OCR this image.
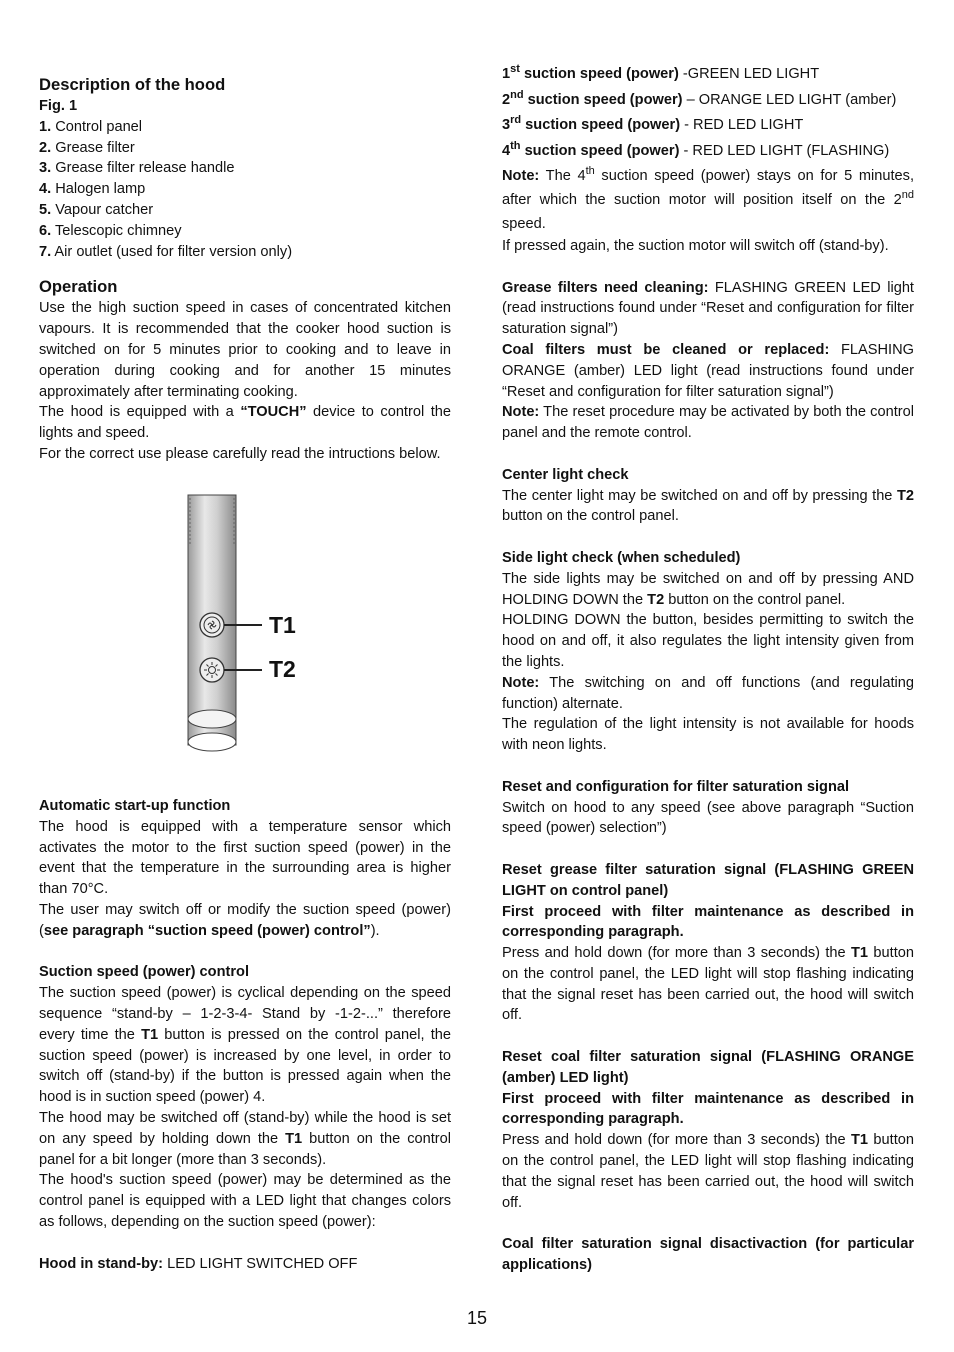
Description of the hood

Fig. 1

1. Control panel

2. Grease filter

3. Grease filter release handle

4. Halogen lamp

5. Vapour catcher

6. Telescopic chimney

7. Air outlet (used for filter version only)

Operation

Use the high suction speed in cases of concentrated kitchen vapours. It is recommended that the cooker hood suction is switched on for 5 minutes prior to cooking and to leave in operation during cooking and for another 15 minutes approximately after terminating cooking.

The hood is equipped with a “TOUCH” device to control the lights and speed.

For the correct use please carefully read the intructions below.

T1
T2

Automatic start-up function

The hood is equipped with a temperature sensor which activates the motor to the first suction speed (power) in the event that the temperature in the surrounding area is higher than 70°C.

The user may switch off or modify the suction speed (power) (see paragraph “suction speed (power) control”).

Suction speed (power) control

The suction speed (power) is cyclical depending on the speed sequence “stand-by – 1-2-3-4- Stand by -1-2-...” therefore every time the T1 button is pressed on the control panel, the suction speed (power) is increased by one level, in order to switch off (stand-by) if the button is pressed again when the hood is in suction speed (power) 4.

The hood may be switched off (stand-by) while the hood is set on any speed by holding down the T1 button on the control panel for a bit longer (more than 3 seconds).

The hood's suction speed (power) may be determined as the control panel is equipped with a LED light that changes colors as follows, depending on the suction speed (power):

Hood in stand-by: LED LIGHT SWITCHED OFF

1st suction speed (power) -GREEN LED LIGHT

2nd suction speed (power) – ORANGE LED LIGHT (amber)

3rd suction speed (power) - RED LED LIGHT

4th suction speed (power) - RED LED LIGHT (FLASHING)

Note: The 4th suction speed (power) stays on for 5 minutes, after which the suction motor will position itself on the 2nd speed.

If pressed again, the suction motor will switch off (stand-by).

Grease filters need cleaning: FLASHING GREEN LED light (read instructions found under “Reset and configuration for filter saturation signal”)

Coal filters must be cleaned or replaced: FLASHING ORANGE (amber) LED light (read instructions found under “Reset and configuration for filter saturation signal”)

Note: The reset procedure may be activated by both the control panel and the remote control.

Center light check

The center light may be switched on and off by pressing the T2 button on the control panel.

Side light check (when scheduled)

The side lights may be switched on and off by pressing AND HOLDING DOWN the T2 button on the control panel.

HOLDING DOWN the button, besides permitting to switch the hood on and off, it also regulates the light intensity given from the lights.

Note: The switching on and off functions (and regulating function) alternate.

The regulation of the light intensity is not available for hoods with neon lights.

Reset and configuration for filter saturation signal

Switch on hood to any speed (see above paragraph “Suction speed (power) selection”)

Reset grease filter saturation signal (FLASHING GREEN LIGHT on control panel)

First proceed with filter maintenance as described in corresponding paragraph.

Press and hold down (for more than 3 seconds) the T1 button on the control panel, the LED light will stop flashing indicating that the signal reset has been carried out, the hood will switch off.

Reset coal filter saturation signal (FLASHING ORANGE (amber) LED light)

First proceed with filter maintenance as described in corresponding paragraph.

Press and hold down (for more than 3 seconds) the T1 button on the control panel, the LED light will stop flashing indicating that the signal reset has been carried out, the hood will switch off.

Coal filter saturation signal disactivaction (for particular applications)

15
